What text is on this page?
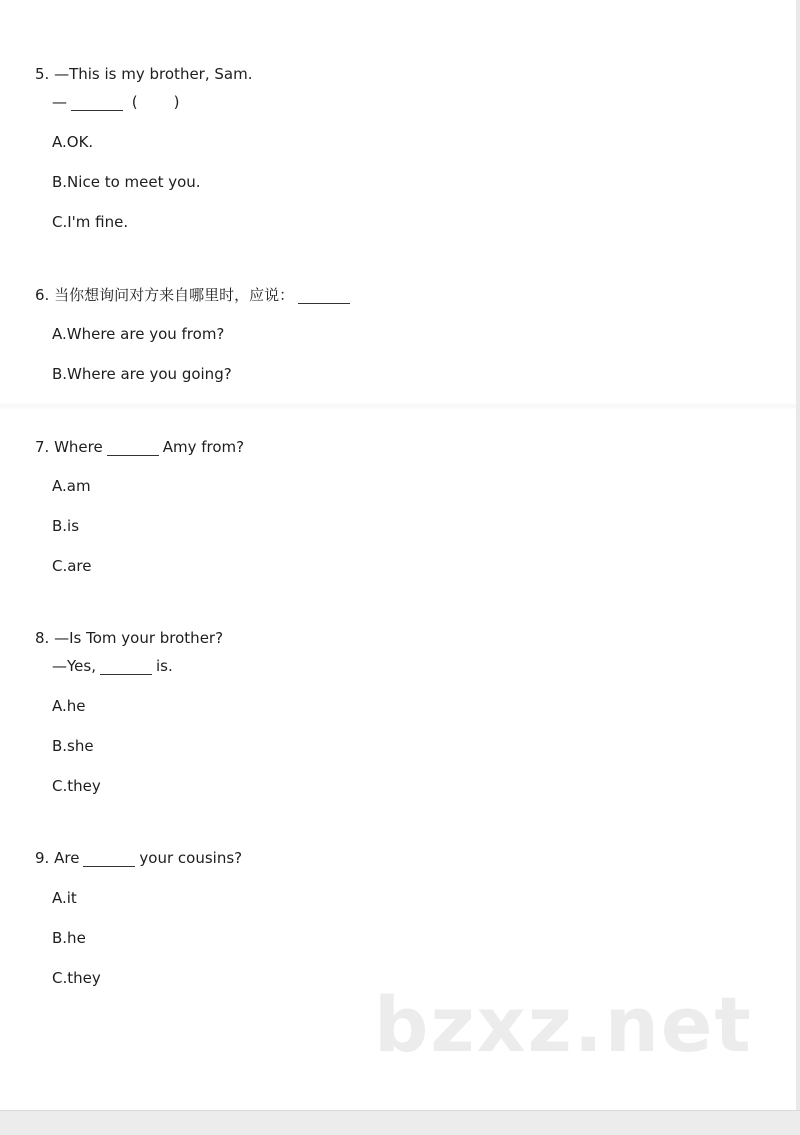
5. —This is my brother, Sam.
—	( )
A.OK.
B.Nice to meet you.
C.I'm fine.
6. 当你想询问对方来自哪里时，应说：
A.Where are you from?
B.Where are you going?
7. Where	Amy from?
A.am
B.is
C.are
8. —Is Tom your brother?
—Yes,	is.
A.he
B.she
C.they
9. Are	your cousins?
A.it
B.he
C.they
bzxz.net
